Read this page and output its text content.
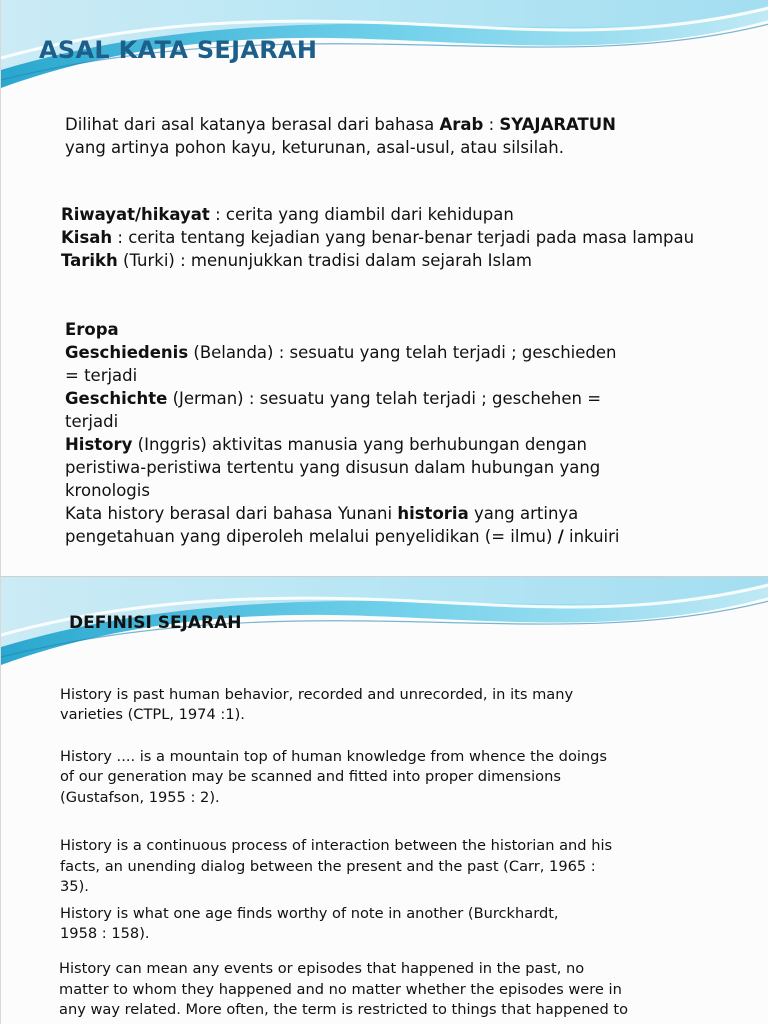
ASAL KATA SEJARAH
Dilihat dari asal katanya berasal dari bahasa Arab : SYAJARATUN
yang artinya pohon kayu, keturunan, asal-usul, atau silsilah.
Riwayat/hikayat : cerita yang diambil dari kehidupan
Kisah : cerita tentang kejadian yang benar-benar terjadi pada masa lampau
Tarikh (Turki) : menunjukkan tradisi dalam sejarah Islam
Eropa
Geschiedenis (Belanda) : sesuatu yang telah terjadi ; geschieden
= terjadi
Geschichte (Jerman) : sesuatu yang telah terjadi ; geschehen =
terjadi
History (Inggris) aktivitas manusia yang berhubungan dengan
peristiwa-peristiwa tertentu yang disusun dalam hubungan yang
kronologis
Kata history berasal dari bahasa Yunani historia yang artinya
pengetahuan yang diperoleh melalui penyelidikan (= ilmu) / inkuiri
DEFINISI SEJARAH
History is past human behavior, recorded and unrecorded, in its many
varieties (CTPL, 1974 :1).
History .... is a mountain top of human knowledge from whence the doings
of our generation may be scanned and fitted into proper dimensions
(Gustafson, 1955 : 2).
History is a continuous process of interaction between the historian and his
facts, an unending dialog between the present and the past (Carr, 1965 :
35).
History is what one age finds worthy of note in another (Burckhardt,
1958 : 158).
History can mean any events or episodes that happened in the past, no
matter to whom they happened and no matter whether the episodes were in
any way related. More often, the term is restricted to things that happened to
